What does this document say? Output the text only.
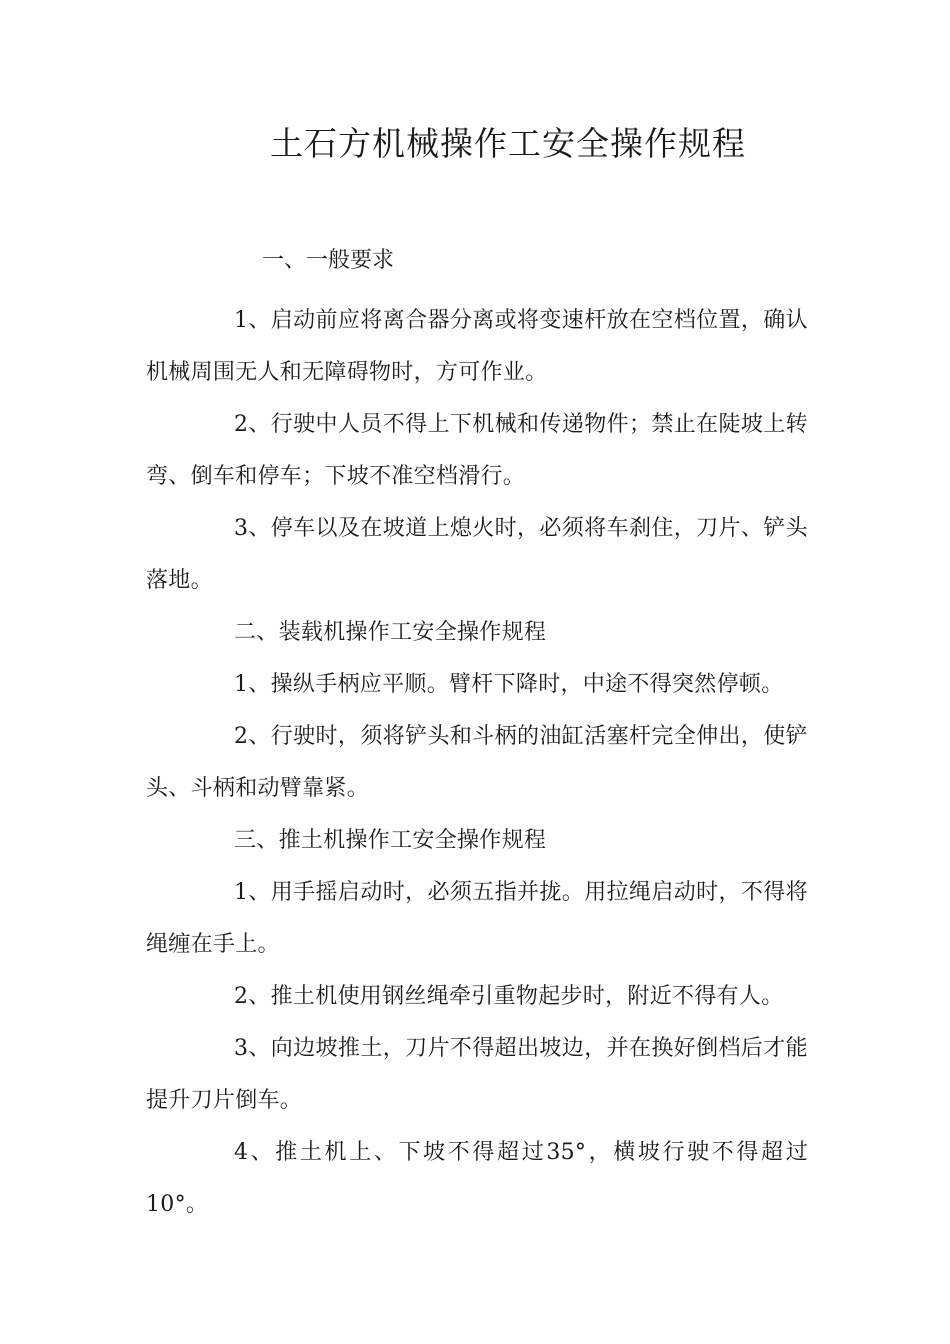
土石方机械操作工安全操作规程

一、一般要求

1、启动前应将离合器分离或将变速杆放在空档位置，确认机械周围无人和无障碍物时，方可作业。

2、行驶中人员不得上下机械和传递物件；禁止在陡坡上转弯、倒车和停车；下坡不准空档滑行。

3、停车以及在坡道上熄火时，必须将车刹住，刀片、铲头落地。

二、装载机操作工安全操作规程

1、操纵手柄应平顺。臂杆下降时，中途不得突然停顿。

2、行驶时，须将铲头和斗柄的油缸活塞杆完全伸出，使铲头、斗柄和动臂靠紧。

三、推土机操作工安全操作规程

1、用手摇启动时，必须五指并拢。用拉绳启动时，不得将绳缠在手上。

2、推土机使用钢丝绳牵引重物起步时，附近不得有人。

3、向边坡推土，刀片不得超出坡边，并在换好倒档后才能提升刀片倒车。

4、推土机上、下坡不得超过35°，横坡行驶不得超过10°。
